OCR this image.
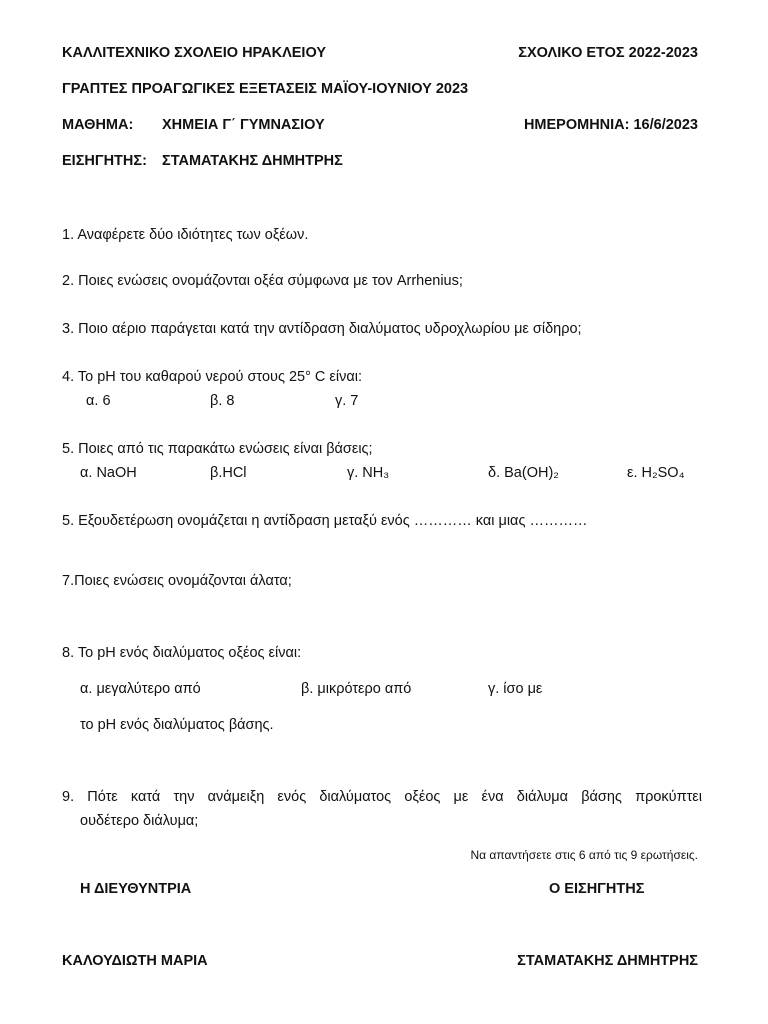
ΚΑΛΛΙΤΕΧΝΙΚΟ ΣΧΟΛΕΙΟ ΗΡΑΚΛΕΙΟΥ	ΣΧΟΛΙΚΟ ΕΤΟΣ 2022-2023
ΓΡΑΠΤΕΣ ΠΡΟΑΓΩΓΙΚΕΣ ΕΞΕΤΑΣΕΙΣ ΜΑΪΟΥ-ΙΟΥΝΙΟΥ 2023
ΜΑΘΗΜΑ: ΧΗΜΕΙΑ Γ΄ ΓΥΜΝΑΣΙΟΥ	ΗΜΕΡΟΜΗΝΙΑ: 16/6/2023
ΕΙΣΗΓΗΤΗΣ: ΣΤΑΜΑΤΑΚΗΣ ΔΗΜΗΤΡΗΣ
1. Αναφέρετε δύο ιδιότητες των οξέων.
2. Ποιες ενώσεις ονομάζονται οξέα σύμφωνα με τον Arrhenius;
3. Ποιο αέριο παράγεται κατά την αντίδραση διαλύματος υδροχλωρίου με σίδηρο;
4. Το pH του καθαρού νερού στους 25° C είναι:
α. 6	β. 8	γ. 7
5. Ποιες από τις παρακάτω ενώσεις είναι βάσεις;
α. NaOH	β.HCl	γ. NH₃	δ. Ba(OH)₂	ε. H₂SO₄
5. Εξουδετέρωση ονομάζεται η αντίδραση μεταξύ ενός ………… και μιας …………
7.Ποιες ενώσεις ονομάζονται άλατα;
8. Το pH ενός διαλύματος οξέος είναι:
α. μεγαλύτερο από	β. μικρότερο από	γ. ίσο με
το pH ενός διαλύματος βάσης.
9. Πότε κατά την ανάμειξη ενός διαλύματος οξέος με ένα διάλυμα βάσης προκύπτει
ουδέτερο διάλυμα;
Να απαντήσετε στις 6 από τις 9 ερωτήσεις.
Η ΔΙΕΥΘΥΝΤΡΙΑ	Ο ΕΙΣΗΓΗΤΗΣ
ΚΑΛΟΥΔΙΩΤΗ ΜΑΡΙΑ	ΣΤΑΜΑΤΑΚΗΣ ΔΗΜΗΤΡΗΣ
